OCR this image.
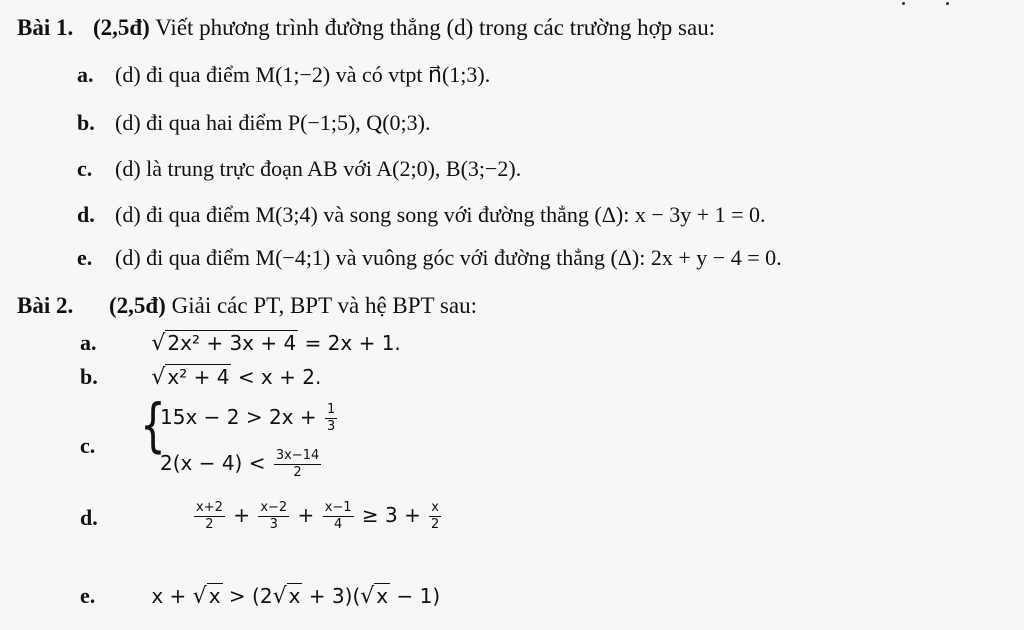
Bài 1. (2,5đ) Viết phương trình đường thẳng (d) trong các trường hợp sau:
a. (d) đi qua điểm M(1;−2) và có vtpt n⃗(1;3).
b. (d) đi qua hai điểm P(−1;5), Q(0;3).
c. (d) là trung trực đoạn AB với A(2;0), B(3;−2).
d. (d) đi qua điểm M(3;4) và song song với đường thẳng (Δ): x − 3y + 1 = 0.
e. (d) đi qua điểm M(−4;1) và vuông góc với đường thẳng (Δ): 2x + y − 4 = 0.
Bài 2. (2,5đ) Giải các PT, BPT và hệ BPT sau:
a. √ 2x² + 3x + 4 = 2x + 1.
b. √ x² + 4 < x + 2.
c. {
$15x - 2 > 2x + \frac{1}{3}$
$2(x - 4) < \frac{3x-14}{2}$
d.	$\frac{x+2}{2} + \frac{x-2}{3} + \frac{x-1}{4} \ge 3 + \frac{x}{2}$
e.	x + √ x > (2√ x + 3)(√ x − 1)
